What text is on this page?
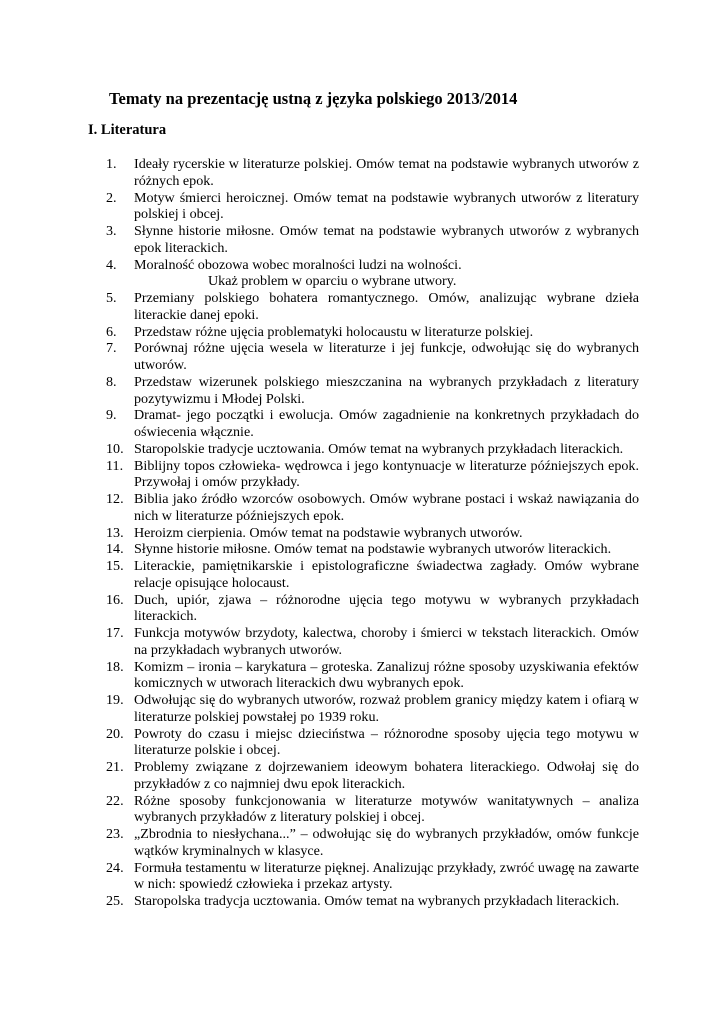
Tematy na prezentację ustną z języka polskiego 2013/2014
I. Literatura
1.	Ideały rycerskie w literaturze polskiej. Omów temat na podstawie wybranych utworów z różnych epok.
2.	Motyw śmierci heroicznej. Omów temat na podstawie wybranych utworów z literatury polskiej i obcej.
3.	Słynne historie miłosne. Omów temat na podstawie wybranych utworów z wybranych epok literackich.
4.	Moralność obozowa wobec moralności ludzi na wolności.
Ukaż problem w oparciu o wybrane utwory.
5.	Przemiany polskiego bohatera romantycznego. Omów, analizując wybrane dzieła literackie danej epoki.
6.	Przedstaw różne ujęcia problematyki holocaustu w literaturze polskiej.
7.	Porównaj różne ujęcia wesela w literaturze i jej funkcje, odwołując się do wybranych utworów.
8.	Przedstaw wizerunek polskiego mieszczanina na wybranych przykładach z literatury pozytywizmu i Młodej Polski.
9.	Dramat- jego początki i ewolucja. Omów zagadnienie na konkretnych przykładach do oświecenia włącznie.
10. Staropolskie tradycje ucztowania. Omów temat na wybranych przykładach literackich.
11. Biblijny topos człowieka- wędrowca i jego kontynuacje w literaturze późniejszych epok. Przywołaj i omów przykłady.
12. Biblia jako źródło wzorców osobowych. Omów wybrane postaci i wskaż nawiązania do nich w literaturze późniejszych epok.
13. Heroizm cierpienia. Omów temat na podstawie wybranych utworów.
14. Słynne historie miłosne. Omów temat na podstawie wybranych utworów literackich.
15. Literackie, pamiętnikarskie i epistolograficzne świadectwa zagłady. Omów wybrane relacje opisujące holocaust.
16. Duch, upiór, zjawa – różnorodne ujęcia tego motywu w wybranych przykładach literackich.
17. Funkcja motywów brzydoty, kalectwa, choroby i śmierci w tekstach literackich. Omów na przykładach wybranych utworów.
18. Komizm – ironia – karykatura – groteska. Zanalizuj różne sposoby uzyskiwania efektów komicznych w utworach literackich dwu wybranych epok.
19. Odwołując się do wybranych utworów, rozważ problem granicy między katem i ofiarą w literaturze polskiej powstałej po 1939 roku.
20. Powroty do czasu i miejsc dzieciństwa – różnorodne sposoby ujęcia tego motywu w literaturze polskie i obcej.
21. Problemy związane z dojrzewaniem ideowym bohatera literackiego. Odwołaj się do przykładów z co najmniej dwu epok literackich.
22. Różne sposoby funkcjonowania w literaturze motywów wanitatywnych – analiza wybranych przykładów z literatury polskiej i obcej.
23. „Zbrodnia to niesłychana...” – odwołując się do wybranych przykładów, omów funkcje wątków kryminalnych w klasyce.
24. Formuła testamentu w literaturze pięknej. Analizując przykłady, zwróć uwagę na zawarte w nich: spowiedź człowieka i przekaz artysty.
25. Staropolska tradycja ucztowania. Omów temat na wybranych przykładach literackich.
